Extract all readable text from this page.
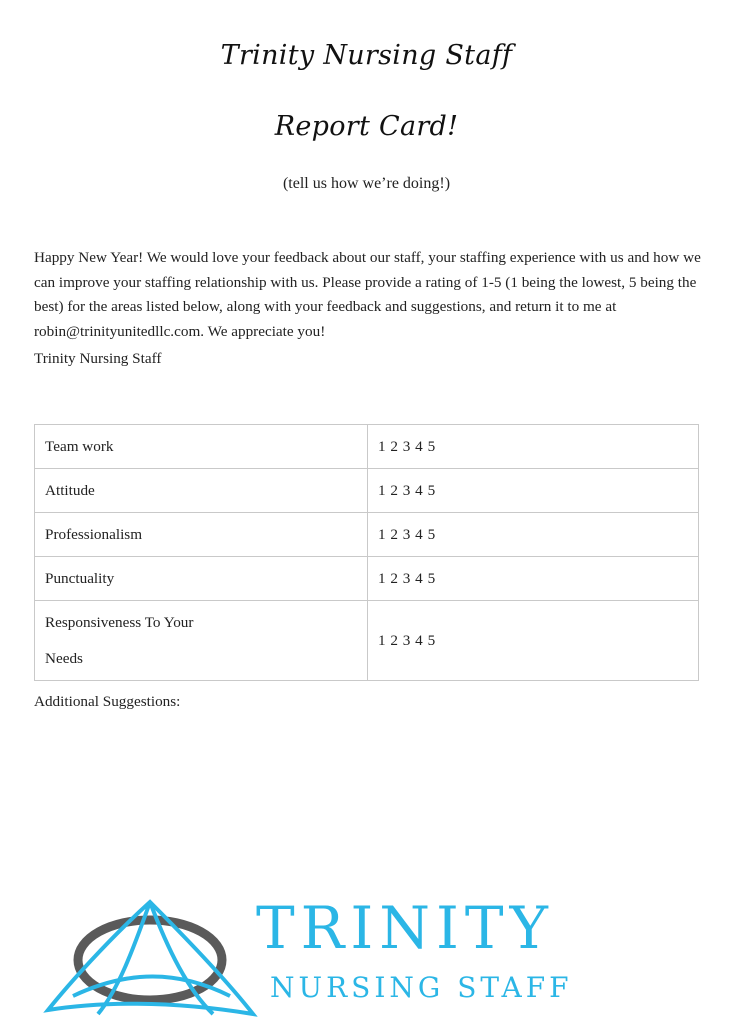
Trinity Nursing Staff
Report Card!
(tell us how we’re doing!)

Happy New Year! We would love your feedback about our staff, your staffing experience with us and how we can improve your staffing relationship with us. Please provide a rating of 1-5 (1 being the lowest, 5 being the best) for the areas listed below, along with your feedback and suggestions, and return it to me at robin@trinityunitedllc.com. We appreciate you!

Trinity Nursing Staff
Team work	1 2 3 4 5
Attitude	1 2 3 4 5
Professionalism	1 2 3 4 5
Punctuality	1 2 3 4 5

Responsiveness To Your Needs	1 2 3 4 5
Additional Suggestions:
TRINITY
NURSING STAFF
